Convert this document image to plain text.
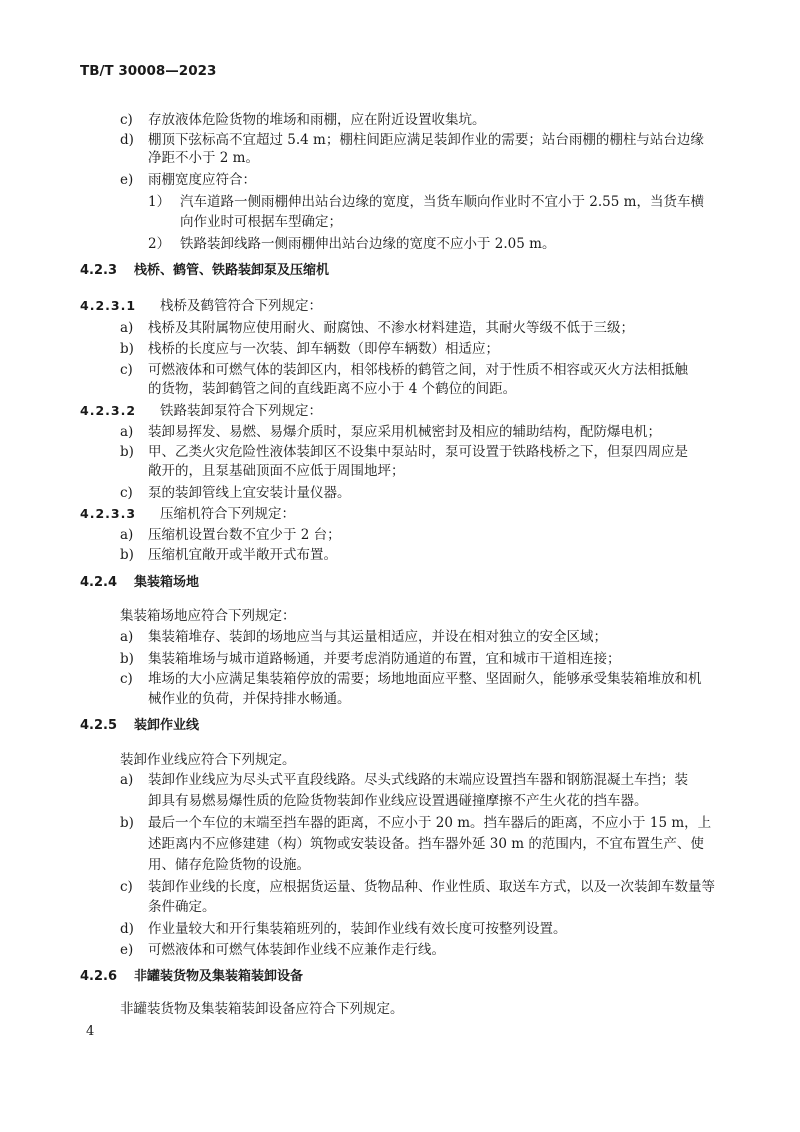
TB/T 30008—2023
c) 存放液体危险货物的堆场和雨棚，应在附近设置收集坑。
d) 棚顶下弦标高不宜超过 5.4 m；棚柱间距应满足装卸作业的需要；站台雨棚的棚柱与站台边缘
净距不小于 2 m。
e) 雨棚宽度应符合：
1） 汽车道路一侧雨棚伸出站台边缘的宽度，当货车顺向作业时不宜小于 2.55 m，当货车横
向作业时可根据车型确定；
2） 铁路装卸线路一侧雨棚伸出站台边缘的宽度不应小于 2.05 m。
4.2.3 栈桥、鹤管、铁路装卸泵及压缩机
4.2.3.1 栈桥及鹤管符合下列规定：
a) 栈桥及其附属物应使用耐火、耐腐蚀、不渗水材料建造，其耐火等级不低于三级；
b) 栈桥的长度应与一次装、卸车辆数（即停车辆数）相适应；
c) 可燃液体和可燃气体的装卸区内，相邻栈桥的鹤管之间，对于性质不相容或灭火方法相抵触
的货物，装卸鹤管之间的直线距离不应小于 4 个鹤位的间距。
4.2.3.2 铁路装卸泵符合下列规定：
a) 装卸易挥发、易燃、易爆介质时，泵应采用机械密封及相应的辅助结构，配防爆电机；
b) 甲、乙类火灾危险性液体装卸区不设集中泵站时，泵可设置于铁路栈桥之下，但泵四周应是
敞开的，且泵基础顶面不应低于周围地坪；
c) 泵的装卸管线上宜安装计量仪器。
4.2.3.3 压缩机符合下列规定：
a) 压缩机设置台数不宜少于 2 台；
b) 压缩机宜敞开或半敞开式布置。
4.2.4 集装箱场地
集装箱场地应符合下列规定：
a) 集装箱堆存、装卸的场地应当与其运量相适应，并设在相对独立的安全区域；
b) 集装箱堆场与城市道路畅通，并要考虑消防通道的布置，宜和城市干道相连接；
c) 堆场的大小应满足集装箱停放的需要；场地地面应平整、坚固耐久，能够承受集装箱堆放和机
械作业的负荷，并保持排水畅通。
4.2.5 装卸作业线
装卸作业线应符合下列规定。
a) 装卸作业线应为尽头式平直段线路。尽头式线路的末端应设置挡车器和钢筋混凝土车挡；装
卸具有易燃易爆性质的危险货物装卸作业线应设置遇碰撞摩擦不产生火花的挡车器。
b) 最后一个车位的末端至挡车器的距离，不应小于 20 m。挡车器后的距离，不应小于 15 m，上
述距离内不应修建建（构）筑物或安装设备。挡车器外延 30 m 的范围内，不宜布置生产、使
用、储存危险货物的设施。
c) 装卸作业线的长度，应根据货运量、货物品种、作业性质、取送车方式，以及一次装卸车数量等
条件确定。
d) 作业量较大和开行集装箱班列的，装卸作业线有效长度可按整列设置。
e) 可燃液体和可燃气体装卸作业线不应兼作走行线。
4.2.6 非罐装货物及集装箱装卸设备
非罐装货物及集装箱装卸设备应符合下列规定。
4
